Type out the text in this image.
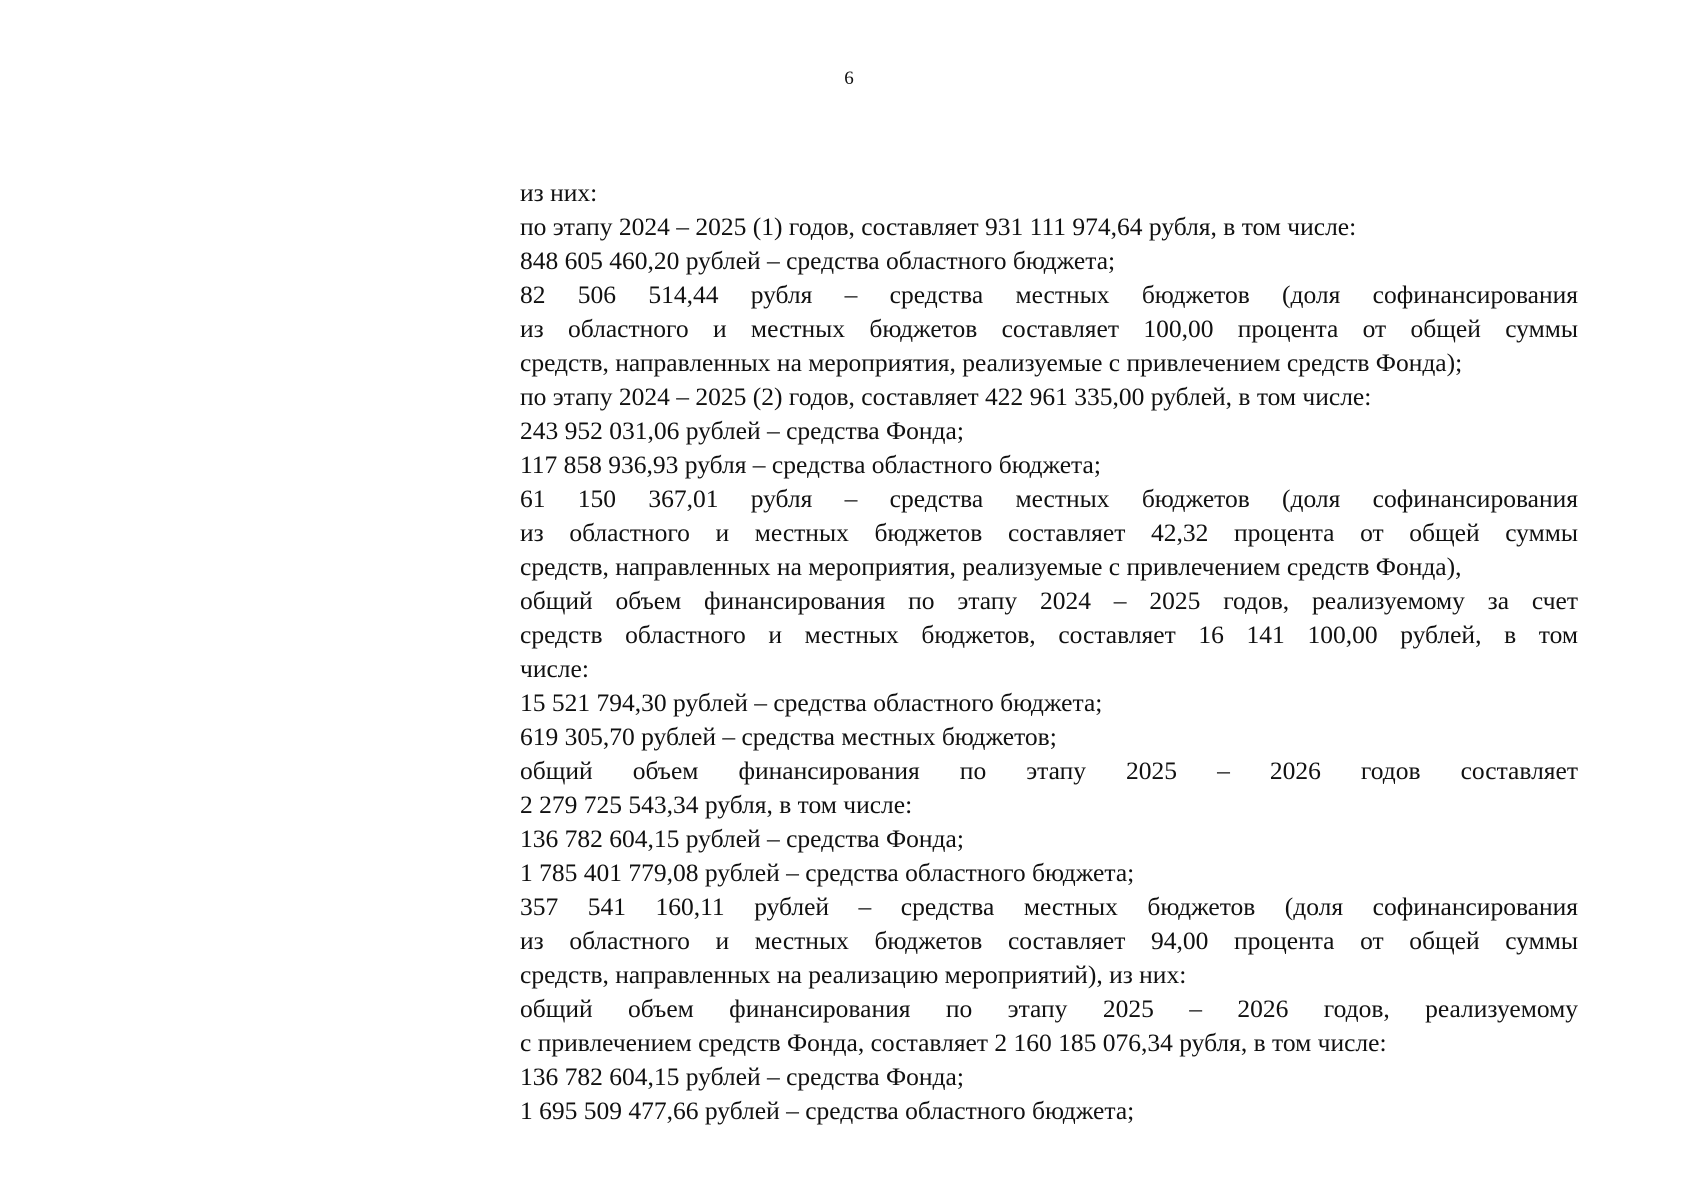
6
из них:
по этапу 2024 – 2025 (1) годов, составляет 931 111 974,64 рубля, в том числе:
848 605 460,20 рублей – средства областного бюджета;
82 506 514,44 рубля – средства местных бюджетов (доля софинансирования
из областного и местных бюджетов составляет 100,00 процента от общей суммы
средств, направленных на мероприятия, реализуемые с привлечением средств Фонда);
по этапу 2024 – 2025 (2) годов, составляет 422 961 335,00 рублей, в том числе:
243 952 031,06 рублей – средства Фонда;
117 858 936,93 рубля – средства областного бюджета;
61 150 367,01 рубля – средства местных бюджетов (доля софинансирования
из областного и местных бюджетов составляет 42,32 процента от общей суммы
средств, направленных на мероприятия, реализуемые с привлечением средств Фонда),
общий объем финансирования по этапу 2024 – 2025 годов, реализуемому за счет
средств областного и местных бюджетов, составляет 16 141 100,00 рублей, в том
числе:
15 521 794,30 рублей – средства областного бюджета;
619 305,70 рублей – средства местных бюджетов;
общий объем финансирования по этапу 2025 – 2026 годов составляет
2 279 725 543,34 рубля, в том числе:
136 782 604,15 рублей – средства Фонда;
1 785 401 779,08 рублей – средства областного бюджета;
357 541 160,11 рублей – средства местных бюджетов (доля софинансирования
из областного и местных бюджетов составляет 94,00 процента от общей суммы
средств, направленных на реализацию мероприятий), из них:
общий объем финансирования по этапу 2025 – 2026 годов, реализуемому
с привлечением средств Фонда, составляет 2 160 185 076,34 рубля, в том числе:
136 782 604,15 рублей – средства Фонда;
1 695 509 477,66 рублей – средства областного бюджета;
